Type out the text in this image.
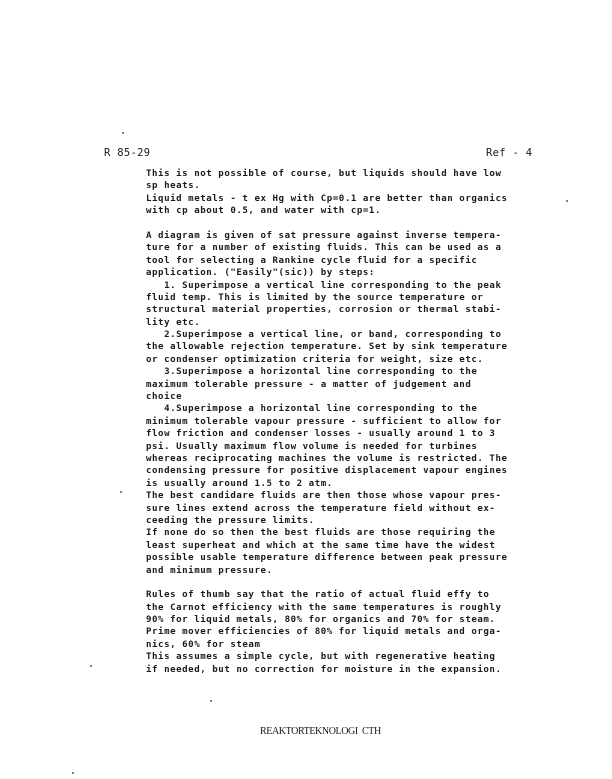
R 85-29	Ref - 4
This is not possible of course, but liquids should have low
sp heats.
Liquid metals - t ex Hg with Cp=0.1 are better than organics
with cp about 0.5, and water with cp=1.
A diagram is given of sat pressure against inverse tempera-
ture for a number of existing fluids. This can be used as a
tool for selecting a Rankine cycle fluid for a specific
application. ("Easily"(sic)) by steps:
1. Superimpose a vertical line corresponding to the peak
fluid temp. This is limited by the source temperature or
structural material properties, corrosion or thermal stabi-
lity etc.
2.Superimpose a vertical line, or band, corresponding to
the allowable rejection temperature. Set by sink temperature
or condenser optimization criteria for weight, size etc.
3.Superimpose a horizontal line corresponding to the
maximum tolerable pressure - a matter of judgement and
choice
4.Superimpose a horizontal line corresponding to the
minimum tolerable vapour pressure - sufficient to allow for
flow friction and condenser losses - usually around 1 to 3
psi. Usually maximum flow volume is needed for turbines
whereas reciprocating machines the volume is restricted. The
condensing pressure for positive displacement vapour engines
is usually around 1.5 to 2 atm.
The best candidare fluids are then those whose vapour pres-
sure lines extend across the temperature field without ex-
ceeding the pressure limits.
If none do so then the best fluids are those requiring the
least superheat and which at the same time have the widest
possible usable temperature difference between peak pressure
and minimum pressure.
Rules of thumb say that the ratio of actual fluid effy to
the Carnot efficiency with the same temperatures is roughly
90% for liquid metals, 80% for organics and 70% for steam.
Prime mover efficiencies of 80% for liquid metals and orga-
nics, 60% for steam
This assumes a simple cycle, but with regenerative heating
if needed, but no correction for moisture in the expansion.
REAKTORTEKNOLOGI  CTH
